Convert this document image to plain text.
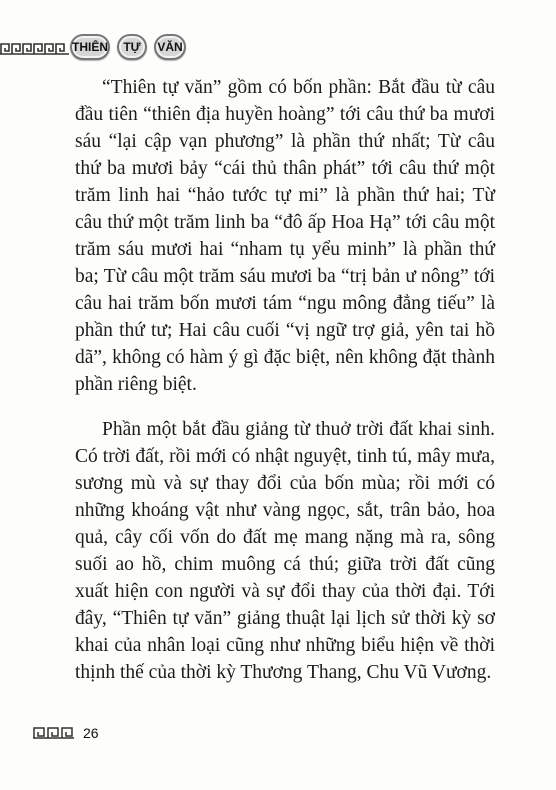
THIÊN	TỰ	VĂN

“Thiên tự văn” gồm có bốn phần: Bắt đầu từ câu đầu tiên “thiên địa huyền hoàng” tới câu thứ ba mươi sáu “lại cập vạn phương” là phần thứ nhất; Từ câu thứ ba mươi bảy “cái thủ thân phát” tới câu thứ một trăm linh hai “hảo tước tự mi” là phần thứ hai; Từ câu thứ một trăm linh ba “đô ấp Hoa Hạ” tới câu một trăm sáu mươi hai “nham tụ yểu minh” là phần thứ ba; Từ câu một trăm sáu mươi ba “trị bản ư nông” tới câu hai trăm bốn mươi tám “ngu mông đẳng tiếu” là phần thứ tư; Hai câu cuối “vị ngữ trợ giả, yên tai hồ dã”, không có hàm ý gì đặc biệt, nên không đặt thành phần riêng biệt.

Phần một bắt đầu giảng từ thuở trời đất khai sinh. Có trời đất, rồi mới có nhật nguyệt, tinh tú, mây mưa, sương mù và sự thay đổi của bốn mùa; rồi mới có những khoáng vật như vàng ngọc, sắt, trân bảo, hoa quả, cây cối vốn do đất mẹ mang nặng mà ra, sông suối ao hồ, chim muông cá thú; giữa trời đất cũng xuất hiện con người và sự đổi thay của thời đại. Tới đây, “Thiên tự văn” giảng thuật lại lịch sử thời kỳ sơ khai của nhân loại cũng như những biểu hiện về thời thịnh thế của thời kỳ Thương Thang, Chu Vũ Vương.

26
